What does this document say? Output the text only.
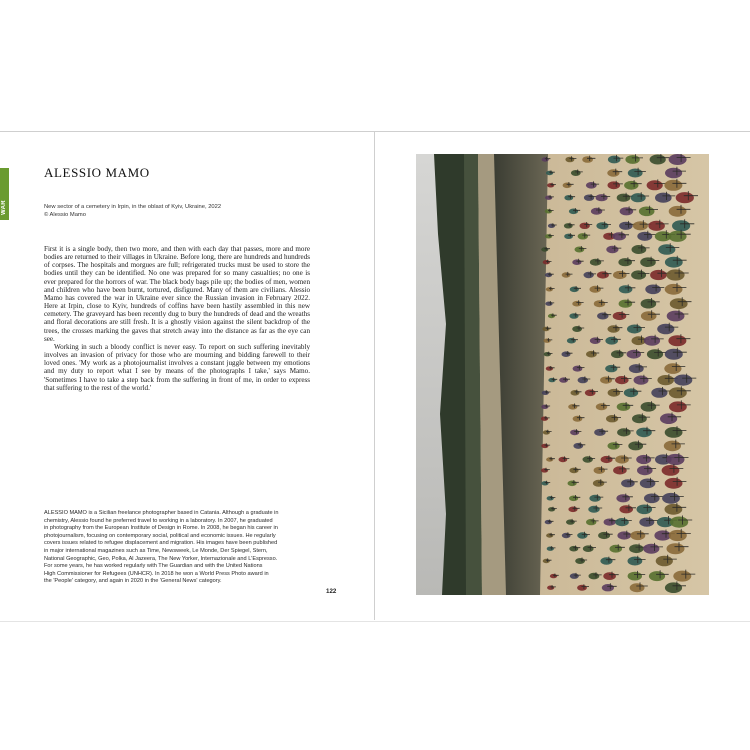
WAR
ALESSIO MAMO
New sector of a cemetery in Irpin, in the oblast of Kyiv, Ukraine, 2022
© Alessio Mamo

First it is a single body, then two more, and then with each day that passes, more and more bodies are returned to their villages in Ukraine. Before long, there are hundreds and hundreds of corpses. The hospitals and morgues are full; refrigerated trucks must be used to store the bodies until they can be identified. No one was prepared for so many casualties; no one is ever prepared for the horrors of war. The black body bags pile up; the bodies of men, women and children who have been burnt, tortured, disfigured. Many of them are civilians. Alessio Mamo has covered the war in Ukraine ever since the Russian invasion in February 2022. Here at Irpin, close to Kyiv, hundreds of coffins have been hastily assembled in this new cemetery. The graveyard has been recently dug to bury the hundreds of dead and the wreaths and floral decorations are still fresh. It is a ghostly vision against the silent backdrop of the trees, the crosses marking the gaves that stretch away into the distance as far as the eye can see.

Working in such a bloody conflict is never easy. To report on such suffering inevitably involves an invasion of privacy for those who are mourning and bidding farewell to their loved ones. 'My work as a photojournalist involves a constant juggle between my emotions and my duty to report what I see by means of the photographs I take,' says Mamo. 'Sometimes I have to take a step back from the suffering in front of me, in order to express that suffering to the rest of the world.'

ALESSIO MAMO is a Sicilian freelance photographer based in Catania. Although a graduate in
chemistry, Alessio found he preferred travel to working in a laboratory. In 2007, he graduated
in photography from the European Institute of Design in Rome. In 2008, he began his career in
photojournalism, focusing on contemporary social, political and economic issues. He regularly
covers issues related to refugee displacement and migration. His images have been published
in major international magazines such as Time, Newsweek, Le Monde, Der Spiegel, Stern,
National Geographic, Geo, Polka, Al Jazeera, The New Yorker, Internazionale and L'Espresso.
For some years, he has worked regularly with The Guardian and with the United Nations
High Commissioner for Refugees (UNHCR). In 2018 he won a World Press Photo award in
the 'People' category, and again in 2020 in the 'General News' category.
122
